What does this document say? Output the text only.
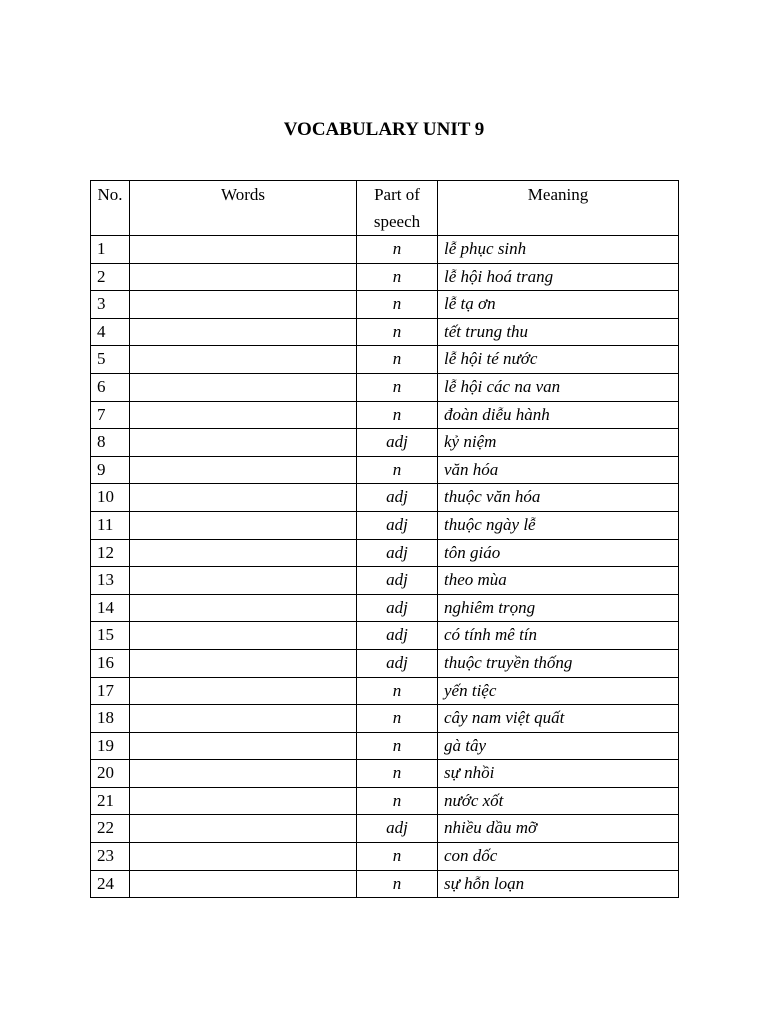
VOCABULARY UNIT 9
No.	Words	Part of speech	Meaning
1		n	lễ phục sinh
2		n	lễ hội hoá trang
3		n	lễ tạ ơn
4		n	tết trung thu
5		n	lễ hội té nước
6		n	lễ hội các na van
7		n	đoàn diễu hành
8		adj	kỷ niệm
9		n	văn hóa
10		adj	thuộc văn hóa
11		adj	thuộc ngày lễ
12		adj	tôn giáo
13		adj	theo mùa
14		adj	nghiêm trọng
15		adj	có tính mê tín
16		adj	thuộc truyền thống
17		n	yến tiệc
18		n	cây nam việt quất
19		n	gà tây
20		n	sự nhồi
21		n	nước xốt
22		adj	nhiều dầu mỡ
23		n	con dốc
24		n	sự hỗn loạn
